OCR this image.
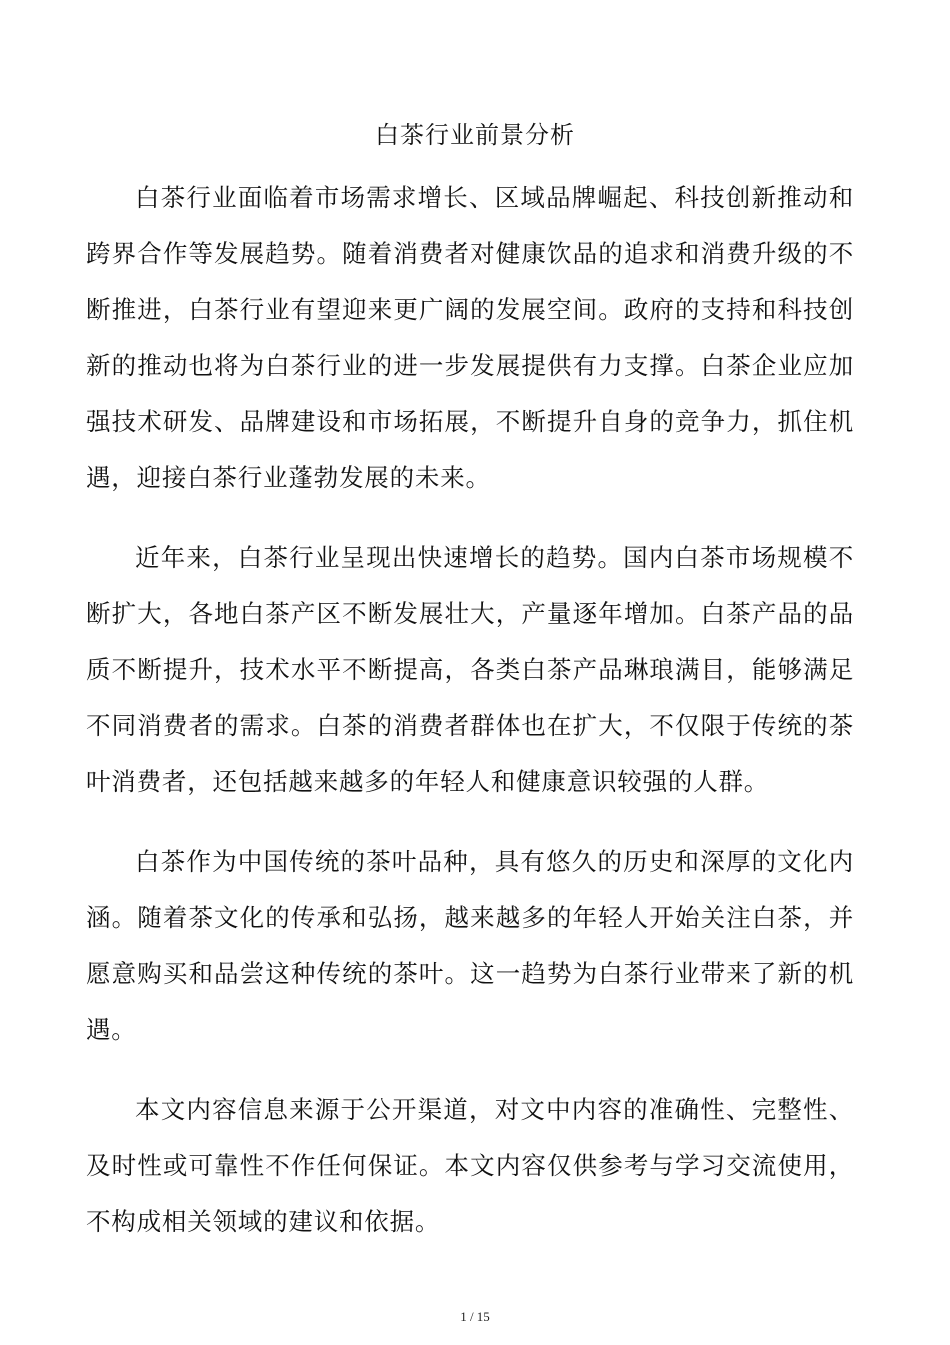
白茶行业前景分析

白茶行业面临着市场需求增长、区域品牌崛起、科技创新推动和跨界合作等发展趋势。随着消费者对健康饮品的追求和消费升级的不断推进，白茶行业有望迎来更广阔的发展空间。政府的支持和科技创新的推动也将为白茶行业的进一步发展提供有力支撑。白茶企业应加强技术研发、品牌建设和市场拓展，不断提升自身的竞争力，抓住机遇，迎接白茶行业蓬勃发展的未来。

近年来，白茶行业呈现出快速增长的趋势。国内白茶市场规模不断扩大，各地白茶产区不断发展壮大，产量逐年增加。白茶产品的品质不断提升，技术水平不断提高，各类白茶产品琳琅满目，能够满足不同消费者的需求。白茶的消费者群体也在扩大，不仅限于传统的茶叶消费者，还包括越来越多的年轻人和健康意识较强的人群。

白茶作为中国传统的茶叶品种，具有悠久的历史和深厚的文化内涵。随着茶文化的传承和弘扬，越来越多的年轻人开始关注白茶，并愿意购买和品尝这种传统的茶叶。这一趋势为白茶行业带来了新的机遇。

本文内容信息来源于公开渠道，对文中内容的准确性、完整性、及时性或可靠性不作任何保证。本文内容仅供参考与学习交流使用，不构成相关领域的建议和依据。

1 / 15
